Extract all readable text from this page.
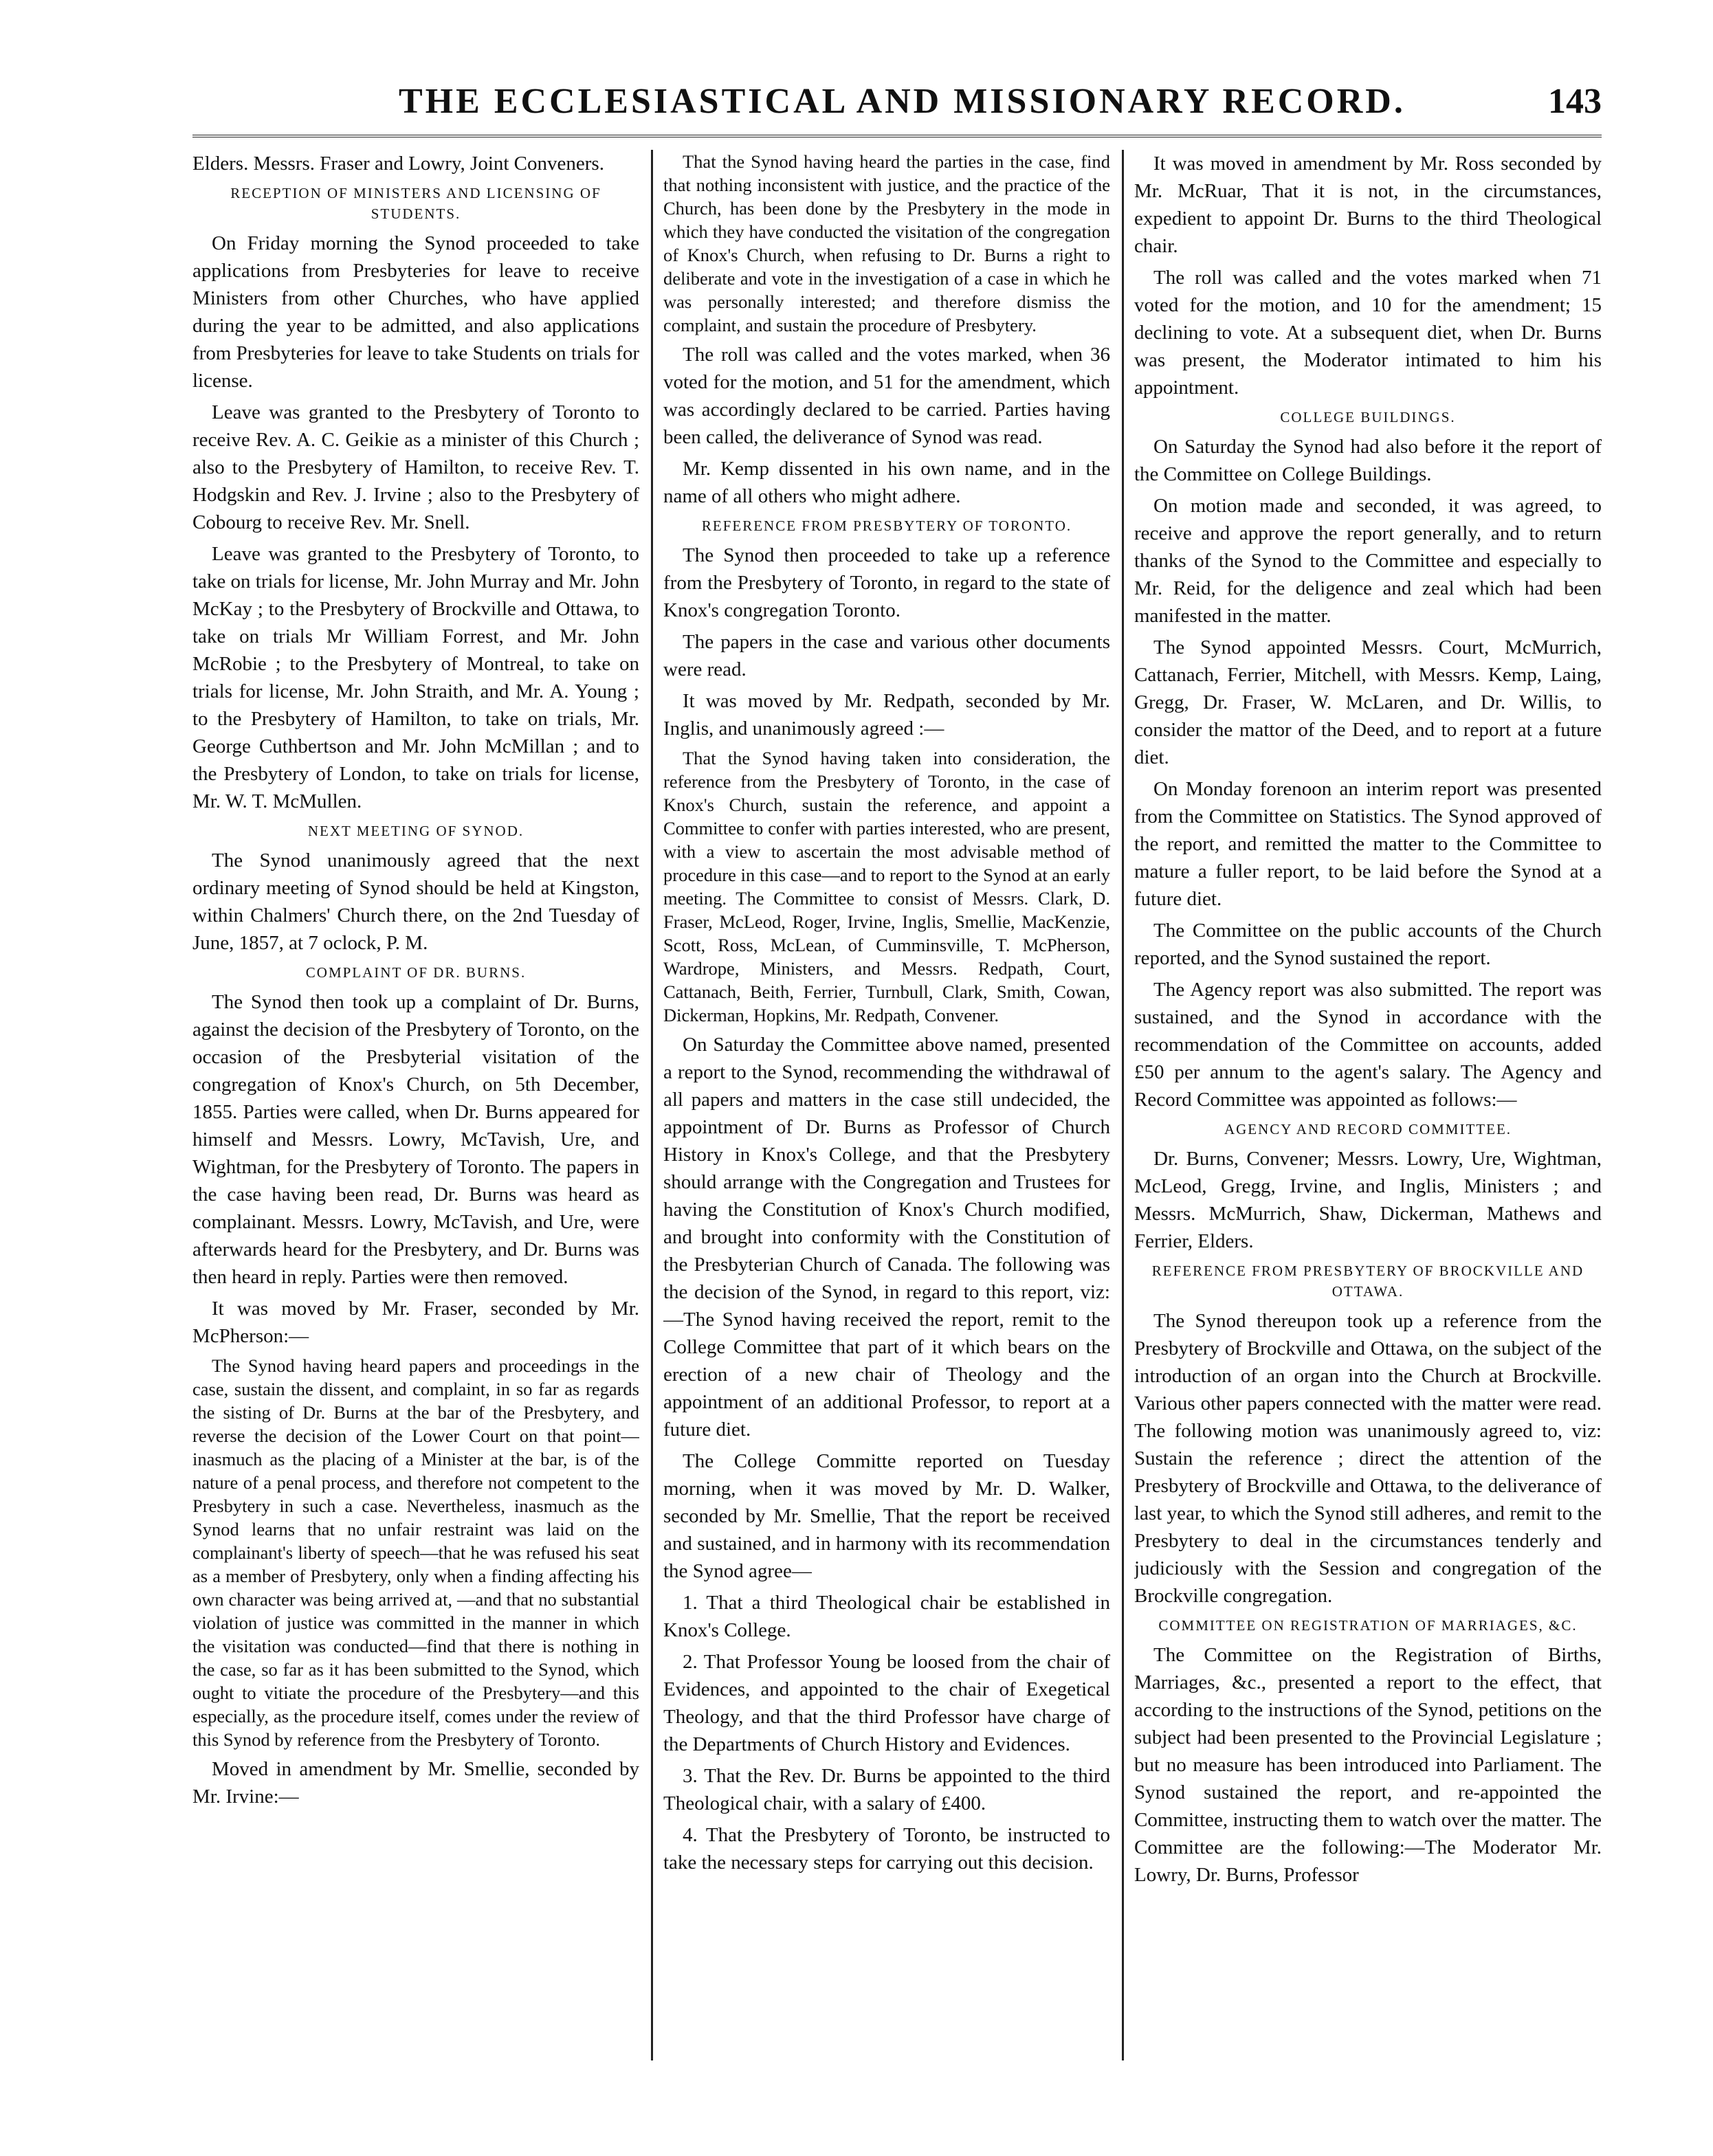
THE ECCLESIASTICAL AND MISSIONARY RECORD.	143

Elders. Messrs. Fraser and Lowry, Joint Conveners.

RECEPTION OF MINISTERS AND LICENSING OF STUDENTS.

On Friday morning the Synod proceeded to take applications from Presbyteries for leave to receive Ministers from other Churches, who have applied during the year to be admitted, and also applications from Presbyteries for leave to take Students on trials for license.

Leave was granted to the Presbytery of Toronto to receive Rev. A. C. Geikie as a minister of this Church ; also to the Presbytery of Hamilton, to receive Rev. T. Hodgskin and Rev. J. Irvine ; also to the Presbytery of Cobourg to receive Rev. Mr. Snell.

Leave was granted to the Presbytery of Toronto, to take on trials for license, Mr. John Murray and Mr. John McKay ; to the Presbytery of Brockville and Ottawa, to take on trials Mr William Forrest, and Mr. John McRobie ; to the Presbytery of Montreal, to take on trials for license, Mr. John Straith, and Mr. A. Young ; to the Presbytery of Hamilton, to take on trials, Mr. George Cuthbertson and Mr. John McMillan ; and to the Presbytery of London, to take on trials for license, Mr. W. T. McMullen.

NEXT MEETING OF SYNOD.

The Synod unanimously agreed that the next ordinary meeting of Synod should be held at Kingston, within Chalmers' Church there, on the 2nd Tuesday of June, 1857, at 7 oclock, P. M.

COMPLAINT OF DR. BURNS.

The Synod then took up a complaint of Dr. Burns, against the decision of the Presbytery of Toronto, on the occasion of the Presbyterial visitation of the congregation of Knox's Church, on 5th December, 1855. Parties were called, when Dr. Burns appeared for himself and Messrs. Lowry, McTavish, Ure, and Wightman, for the Presbytery of Toronto. The papers in the case having been read, Dr. Burns was heard as complainant. Messrs. Lowry, McTavish, and Ure, were afterwards heard for the Presbytery, and Dr. Burns was then heard in reply. Parties were then removed.

It was moved by Mr. Fraser, seconded by Mr. McPherson:—

The Synod having heard papers and proceedings in the case, sustain the dissent, and complaint, in so far as regards the sisting of Dr. Burns at the bar of the Presbytery, and reverse the decision of the Lower Court on that point—inasmuch as the placing of a Minister at the bar, is of the nature of a penal process, and therefore not competent to the Presbytery in such a case. Nevertheless, inasmuch as the Synod learns that no unfair restraint was laid on the complainant's liberty of speech—that he was refused his seat as a member of Presbytery, only when a finding affecting his own character was being arrived at, —and that no substantial violation of justice was committed in the manner in which the visitation was conducted—find that there is nothing in the case, so far as it has been submitted to the Synod, which ought to vitiate the procedure of the Presbytery—and this especially, as the procedure itself, comes under the review of this Synod by reference from the Presbytery of Toronto.

Moved in amendment by Mr. Smellie, seconded by Mr. Irvine:—

That the Synod having heard the parties in the case, find that nothing inconsistent with justice, and the practice of the Church, has been done by the Presbytery in the mode in which they have conducted the visitation of the congregation of Knox's Church, when refusing to Dr. Burns a right to deliberate and vote in the investigation of a case in which he was personally interested; and therefore dismiss the complaint, and sustain the procedure of Presbytery.

The roll was called and the votes marked, when 36 voted for the motion, and 51 for the amendment, which was accordingly declared to be carried. Parties having been called, the deliverance of Synod was read.

Mr. Kemp dissented in his own name, and in the name of all others who might adhere.

REFERENCE FROM PRESBYTERY OF TORONTO.

The Synod then proceeded to take up a reference from the Presbytery of Toronto, in regard to the state of Knox's congregation Toronto.

The papers in the case and various other documents were read.

It was moved by Mr. Redpath, seconded by Mr. Inglis, and unanimously agreed :—

That the Synod having taken into consideration, the reference from the Presbytery of Toronto, in the case of Knox's Church, sustain the reference, and appoint a Committee to confer with parties interested, who are present, with a view to ascertain the most advisable method of procedure in this case—and to report to the Synod at an early meeting. The Committee to consist of Messrs. Clark, D. Fraser, McLeod, Roger, Irvine, Inglis, Smellie, MacKenzie, Scott, Ross, McLean, of Cumminsville, T. McPherson, Wardrope, Ministers, and Messrs. Redpath, Court, Cattanach, Beith, Ferrier, Turnbull, Clark, Smith, Cowan, Dickerman, Hopkins, Mr. Redpath, Convener.

On Saturday the Committee above named, presented a report to the Synod, recommending the withdrawal of all papers and matters in the case still undecided, the appointment of Dr. Burns as Professor of Church History in Knox's College, and that the Presbytery should arrange with the Congregation and Trustees for having the Constitution of Knox's Church modified, and brought into conformity with the Constitution of the Presbyterian Church of Canada. The following was the decision of the Synod, in regard to this report, viz:—The Synod having received the report, remit to the College Committee that part of it which bears on the erection of a new chair of Theology and the appointment of an additional Professor, to report at a future diet.

The College Committe reported on Tuesday morning, when it was moved by Mr. D. Walker, seconded by Mr. Smellie, That the report be received and sustained, and in harmony with its recommendation the Synod agree—

1. That a third Theological chair be established in Knox's College.

2. That Professor Young be loosed from the chair of Evidences, and appointed to the chair of Exegetical Theology, and that the third Professor have charge of the Departments of Church History and Evidences.

3. That the Rev. Dr. Burns be appointed to the third Theological chair, with a salary of £400.

4. That the Presbytery of Toronto, be instructed to take the necessary steps for carrying out this decision.

It was moved in amendment by Mr. Ross seconded by Mr. McRuar, That it is not, in the circumstances, expedient to appoint Dr. Burns to the third Theological chair.

The roll was called and the votes marked when 71 voted for the motion, and 10 for the amendment; 15 declining to vote. At a subsequent diet, when Dr. Burns was present, the Moderator intimated to him his appointment.

COLLEGE BUILDINGS.

On Saturday the Synod had also before it the report of the Committee on College Buildings.

On motion made and seconded, it was agreed, to receive and approve the report generally, and to return thanks of the Synod to the Committee and especially to Mr. Reid, for the deligence and zeal which had been manifested in the matter.

The Synod appointed Messrs. Court, McMurrich, Cattanach, Ferrier, Mitchell, with Messrs. Kemp, Laing, Gregg, Dr. Fraser, W. McLaren, and Dr. Willis, to consider the mattor of the Deed, and to report at a future diet.

On Monday forenoon an interim report was presented from the Committee on Statistics. The Synod approved of the report, and remitted the matter to the Committee to mature a fuller report, to be laid before the Synod at a future diet.

The Committee on the public accounts of the Church reported, and the Synod sustained the report.

The Agency report was also submitted. The report was sustained, and the Synod in accordance with the recommendation of the Committee on accounts, added £50 per annum to the agent's salary. The Agency and Record Committee was appointed as follows:—

AGENCY AND RECORD COMMITTEE.

Dr. Burns, Convener; Messrs. Lowry, Ure, Wightman, McLeod, Gregg, Irvine, and Inglis, Ministers ; and Messrs. McMurrich, Shaw, Dickerman, Mathews and Ferrier, Elders.

REFERENCE FROM PRESBYTERY OF BROCKVILLE AND OTTAWA.

The Synod thereupon took up a reference from the Presbytery of Brockville and Ottawa, on the subject of the introduction of an organ into the Church at Brockville. Various other papers connected with the matter were read. The following motion was unanimously agreed to, viz: Sustain the reference ; direct the attention of the Presbytery of Brockville and Ottawa, to the deliverance of last year, to which the Synod still adheres, and remit to the Presbytery to deal in the circumstances tenderly and judiciously with the Session and congregation of the Brockville congregation.

COMMITTEE ON REGISTRATION OF MARRIAGES, &C.

The Committee on the Registration of Births, Marriages, &c., presented a report to the effect, that according to the instructions of the Synod, petitions on the subject had been presented to the Provincial Legislature ; but no measure has been introduced into Parliament. The Synod sustained the report, and re-appointed the Committee, instructing them to watch over the matter. The Committee are the following:—The Moderator Mr. Lowry, Dr. Burns, Professor
